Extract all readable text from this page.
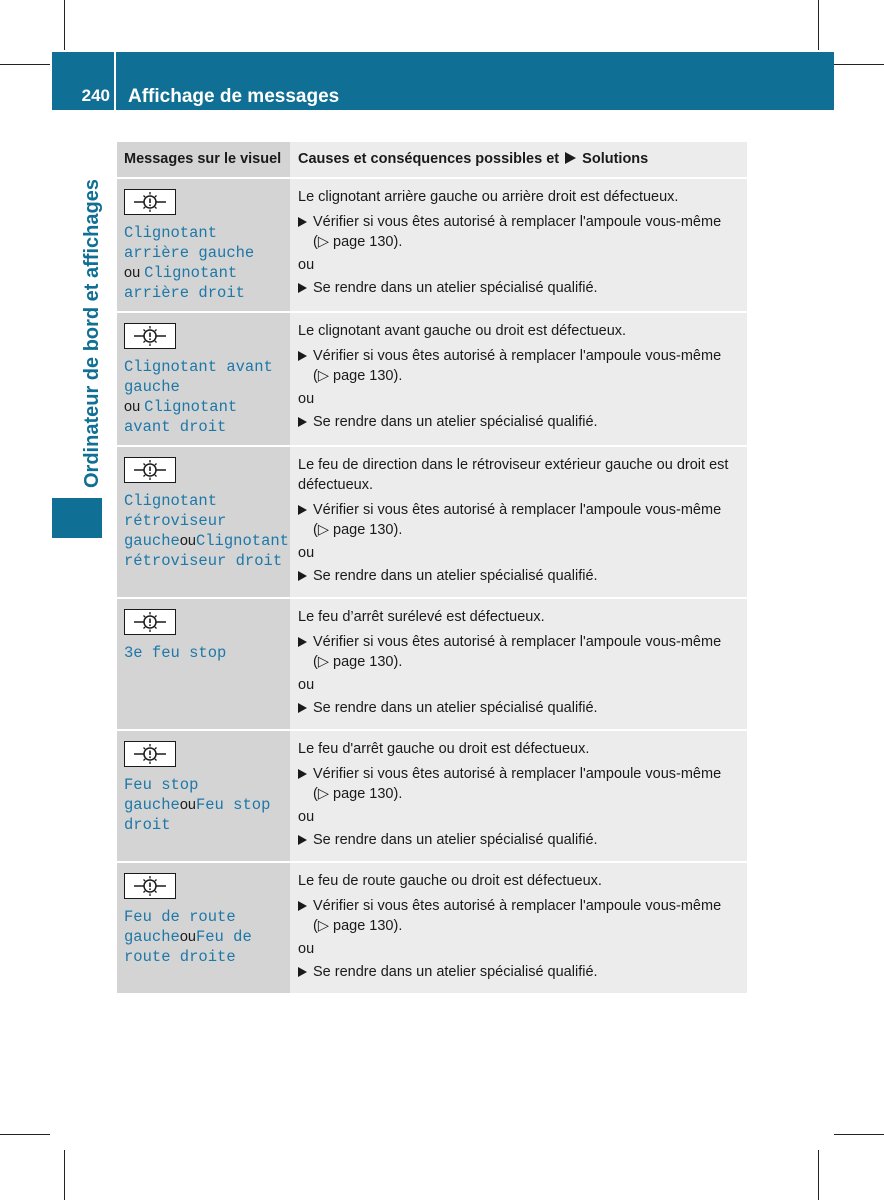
240 Affichage de messages
Ordinateur de bord et affichages
Messages sur le visuel	Causes et conséquences possibles et Solutions
Clignotant arrière gauche
ou Clignotant arrière droit
Le clignotant arrière gauche ou arrière droit est défectueux.
Vérifier si vous êtes autorisé à remplacer l'ampoule vous-même (▷ page 130).
ou
Se rendre dans un atelier spécialisé qualifié.
Clignotant avant gauche
ou Clignotant avant droit
Le clignotant avant gauche ou droit est défectueux.
Vérifier si vous êtes autorisé à remplacer l'ampoule vous-même (▷ page 130).
ou
Se rendre dans un atelier spécialisé qualifié.
Clignotant rétroviseur gaucheouClignotant rétroviseur droit
Le feu de direction dans le rétroviseur extérieur gauche ou droit est défectueux.
Vérifier si vous êtes autorisé à remplacer l'ampoule vous-même (▷ page 130).
ou
Se rendre dans un atelier spécialisé qualifié.
3e feu stop
Le feu d’arrêt surélevé est défectueux.
Vérifier si vous êtes autorisé à remplacer l'ampoule vous-même (▷ page 130).
ou
Se rendre dans un atelier spécialisé qualifié.
Feu stop gaucheouFeu stop droit
Le feu d'arrêt gauche ou droit est défectueux.
Vérifier si vous êtes autorisé à remplacer l'ampoule vous-même (▷ page 130).
ou
Se rendre dans un atelier spécialisé qualifié.
Feu de route gaucheouFeu de route droite
Le feu de route gauche ou droit est défectueux.
Vérifier si vous êtes autorisé à remplacer l'ampoule vous-même (▷ page 130).
ou
Se rendre dans un atelier spécialisé qualifié.
